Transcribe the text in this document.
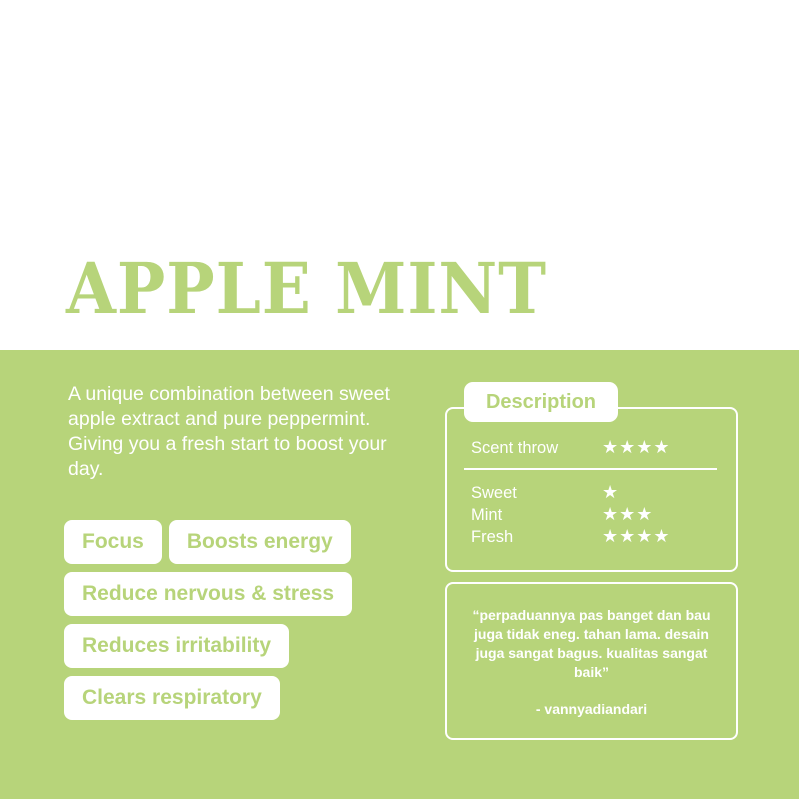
APPLE MINT

A unique combination between sweet apple extract and pure peppermint. Giving you a fresh start to boost your day.

Focus	Boosts energy
Reduce nervous & stress
Reduces irritability
Clears respiratory
Description
Scent throw ★★★★
Sweet	★
Mint	★★★
Fresh	★★★★

“perpaduannya pas banget dan bau juga tidak eneg. tahan lama. desain juga sangat bagus. kualitas sangat baik”

- vannyadiandari
